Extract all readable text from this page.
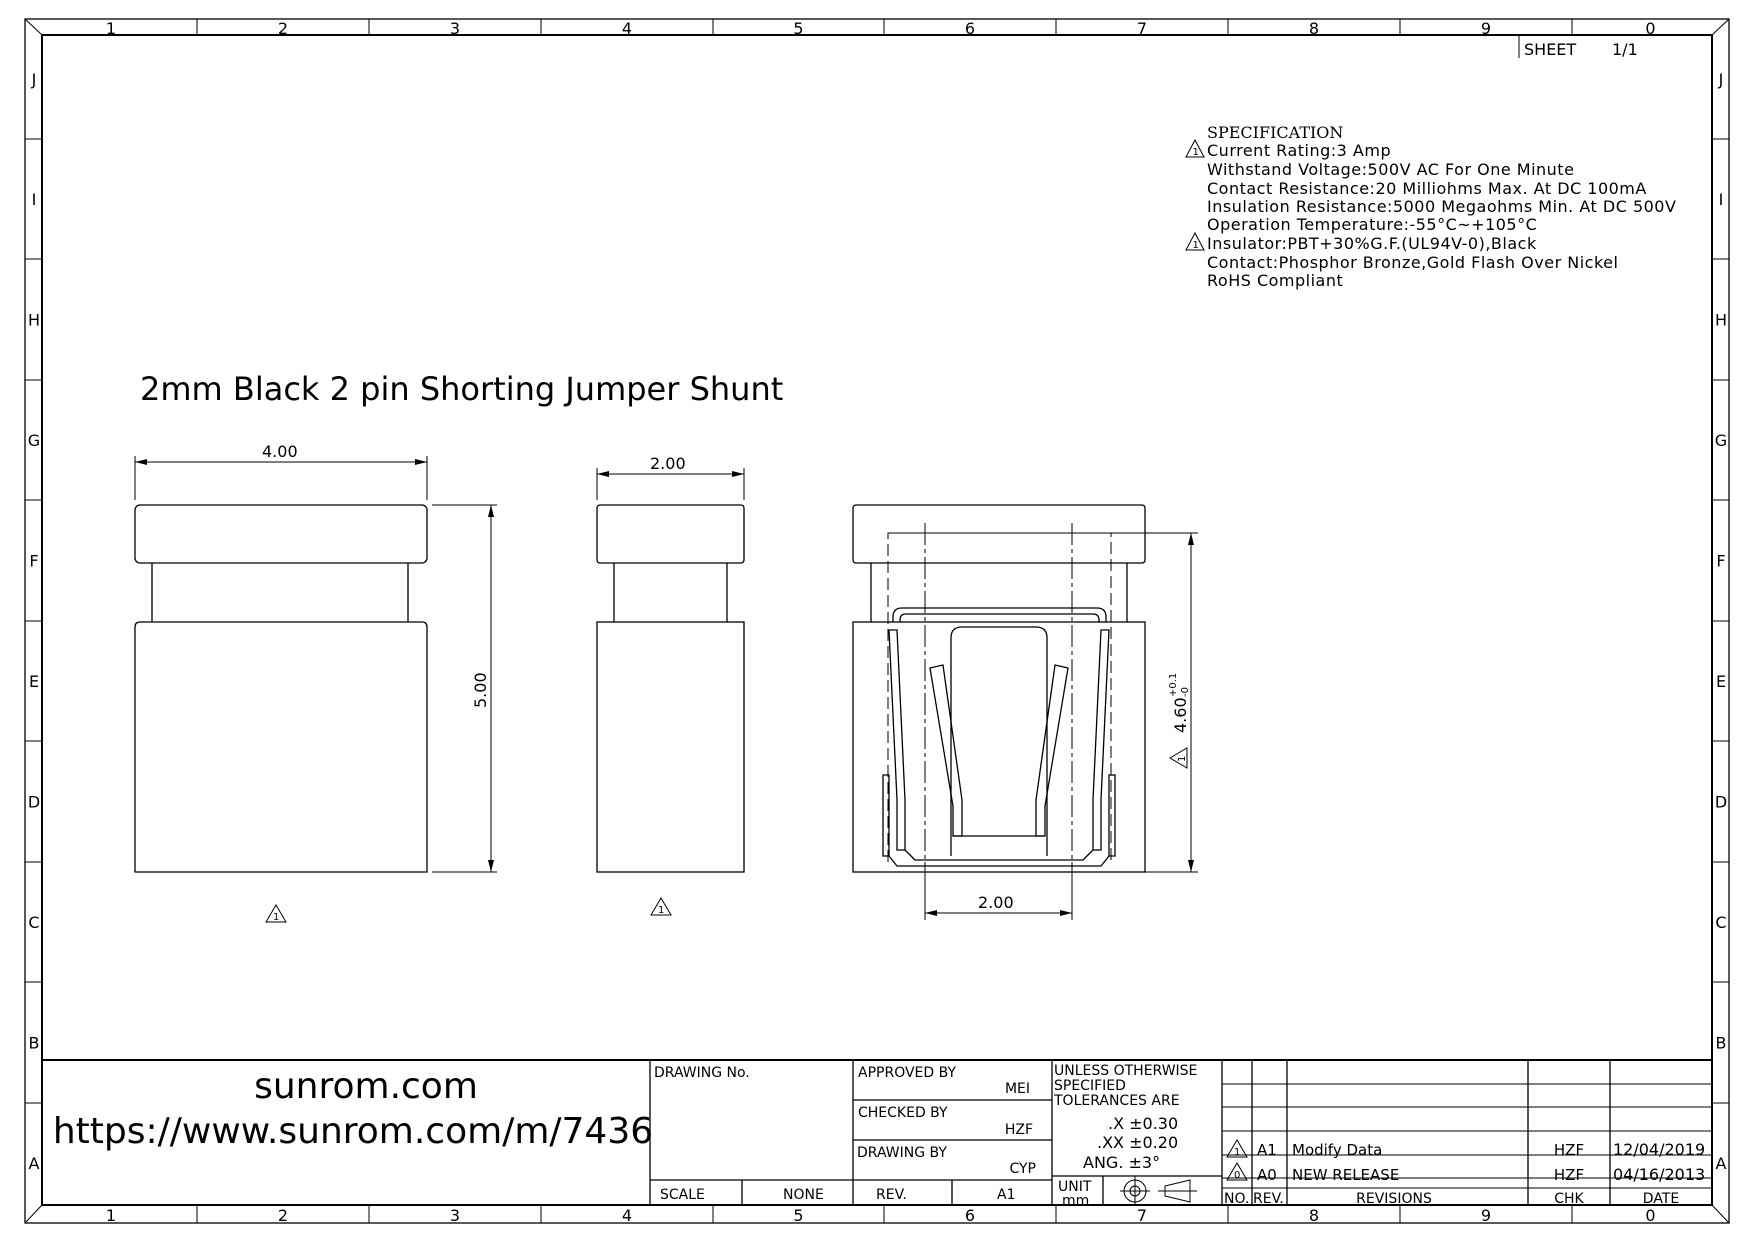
1
1
2
2
3
3
4
4
5
5
6
6
7
7
8
8
9
9
0
0
J	J
I	I
H	H
G	G
F	F
E	E
D	D
C	C
B	B
A	A
SHEET 1/1
SPECIFICATION
Current Rating:3 Amp
Withstand Voltage:500V AC For One Minute
Contact Resistance:20 Milliohms Max. At DC 100mA
Insulation Resistance:5000 Megaohms Min. At DC 500V
Operation Temperature:-55°C~+105°C
Insulator:PBT+30%G.F.(UL94V-0),Black
Contact:Phosphor Bronze,Gold Flash Over Nickel
RoHS Compliant
1
1
2mm Black 2 pin Shorting Jumper Shunt
4.00
5.00
1
2.00
1
4.60
+0.1 -0
1
2.00
sunrom.com
https://www.sunrom.com/m/7436
DRAWING No.
SCALE	NONE
APPROVED BY
MEI
CHECKED BY
HZF
DRAWING BY
CYP
REV.	A1
UNLESS OTHERWISE
SPECIFIED
TOLERANCES ARE
.X ±0.30
.XX ±0.20
ANG. ±3°
UNIT
mm
1 A1 Modify Data	HZF 12/04/2019
0 A0 NEW RELEASE	HZF 04/16/2013
NO. REV.	REVISIONS	CHK	DATE
